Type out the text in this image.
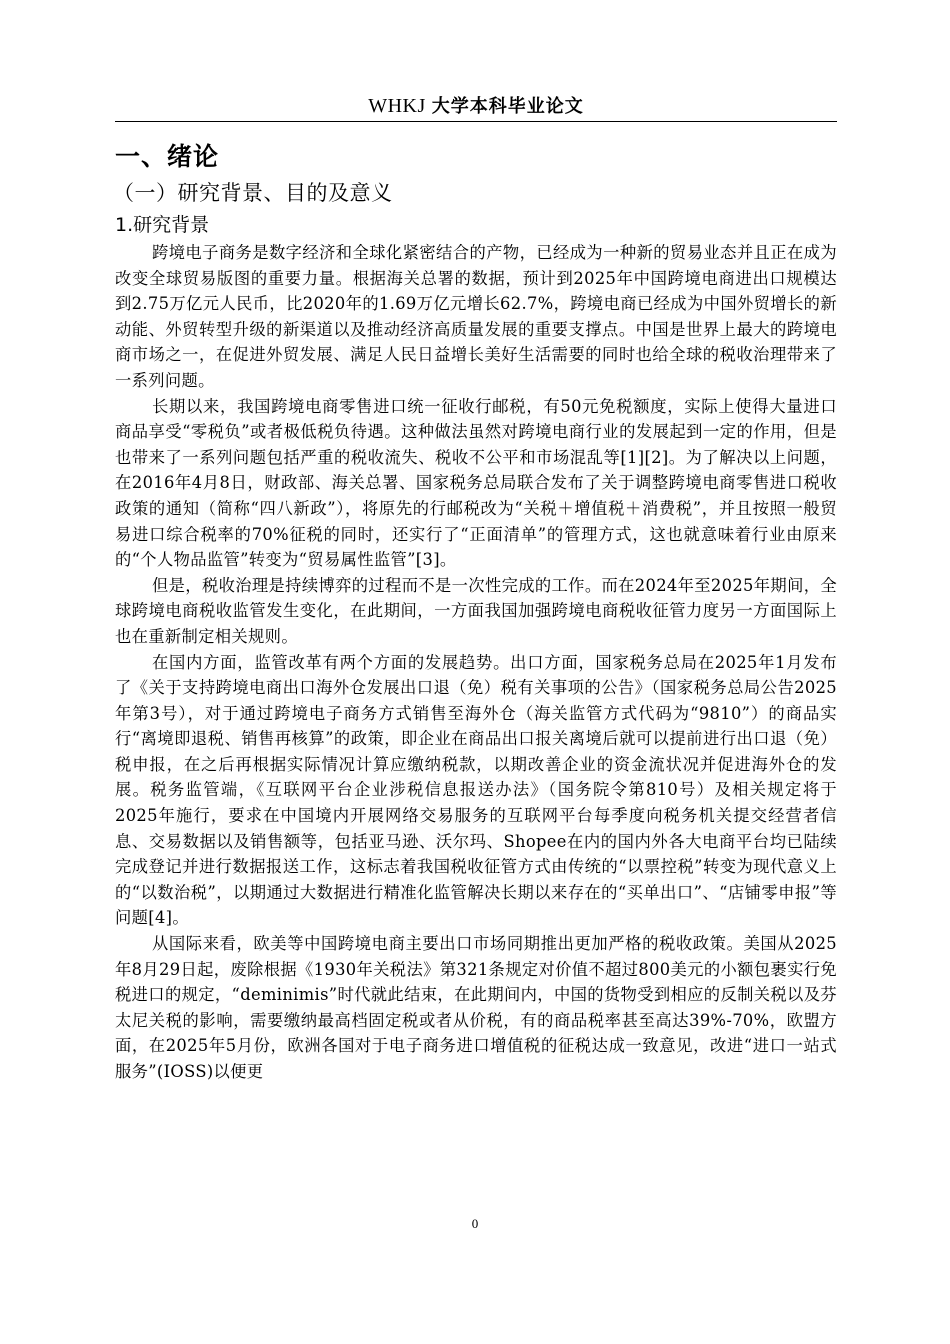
WHKJ 大学本科毕业论文
一、绪论
（一）研究背景、目的及意义
1.研究背景

跨境电子商务是数字经济和全球化紧密结合的产物，已经成为一种新的贸易业态并且正在成为改变全球贸易版图的重要力量。根据海关总署的数据，预计到2025年中国跨境电商进出口规模达到2.75万亿元人民币，比2020年的1.69万亿元增长62.7%，跨境电商已经成为中国外贸增长的新动能、外贸转型升级的新渠道以及推动经济高质量发展的重要支撑点。中国是世界上最大的跨境电商市场之一，在促进外贸发展、满足人民日益增长美好生活需要的同时也给全球的税收治理带来了一系列问题。

长期以来，我国跨境电商零售进口统一征收行邮税，有50元免税额度，实际上使得大量进口商品享受“零税负”或者极低税负待遇。这种做法虽然对跨境电商行业的发展起到一定的作用，但是也带来了一系列问题包括严重的税收流失、税收不公平和市场混乱等[1][2]。为了解决以上问题，在2016年4月8日，财政部、海关总署、国家税务总局联合发布了关于调整跨境电商零售进口税收政策的通知（简称“四八新政”），将原先的行邮税改为“关税＋增值税＋消费税”，并且按照一般贸易进口综合税率的70%征税的同时，还实行了“正面清单”的管理方式，这也就意味着行业由原来的“个人物品监管”转变为“贸易属性监管”[3]。

但是，税收治理是持续博弈的过程而不是一次性完成的工作。而在2024年至2025年期间，全球跨境电商税收监管发生变化，在此期间，一方面我国加强跨境电商税收征管力度另一方面国际上也在重新制定相关规则。

在国内方面，监管改革有两个方面的发展趋势。出口方面，国家税务总局在2025年1月发布了《关于支持跨境电商出口海外仓发展出口退（免）税有关事项的公告》（国家税务总局公告2025年第3号），对于通过跨境电子商务方式销售至海外仓（海关监管方式代码为“9810”）的商品实行“离境即退税、销售再核算”的政策，即企业在商品出口报关离境后就可以提前进行出口退（免）税申报，在之后再根据实际情况计算应缴纳税款，以期改善企业的资金流状况并促进海外仓的发展。税务监管端，《互联网平台企业涉税信息报送办法》（国务院令第810号）及相关规定将于2025年施行，要求在中国境内开展网络交易服务的互联网平台每季度向税务机关提交经营者信息、交易数据以及销售额等，包括亚马逊、沃尔玛、Shopee在内的国内外各大电商平台均已陆续完成登记并进行数据报送工作，这标志着我国税收征管方式由传统的“以票控税”转变为现代意义上的“以数治税”，以期通过大数据进行精准化监管解决长期以来存在的“买单出口”、“店铺零申报”等问题[4]。

从国际来看，欧美等中国跨境电商主要出口市场同期推出更加严格的税收政策。美国从2025年8月29日起，废除根据《1930年关税法》第321条规定对价值不超过800美元的小额包裹实行免税进口的规定，“deminimis”时代就此结束，在此期间内，中国的货物受到相应的反制关税以及芬太尼关税的影响，需要缴纳最高档固定税或者从价税，有的商品税率甚至高达39%-70%，欧盟方面，在2025年5月份，欧洲各国对于电子商务进口增值税的征税达成一致意见，改进“进口一站式服务”(IOSS)以便更

0
